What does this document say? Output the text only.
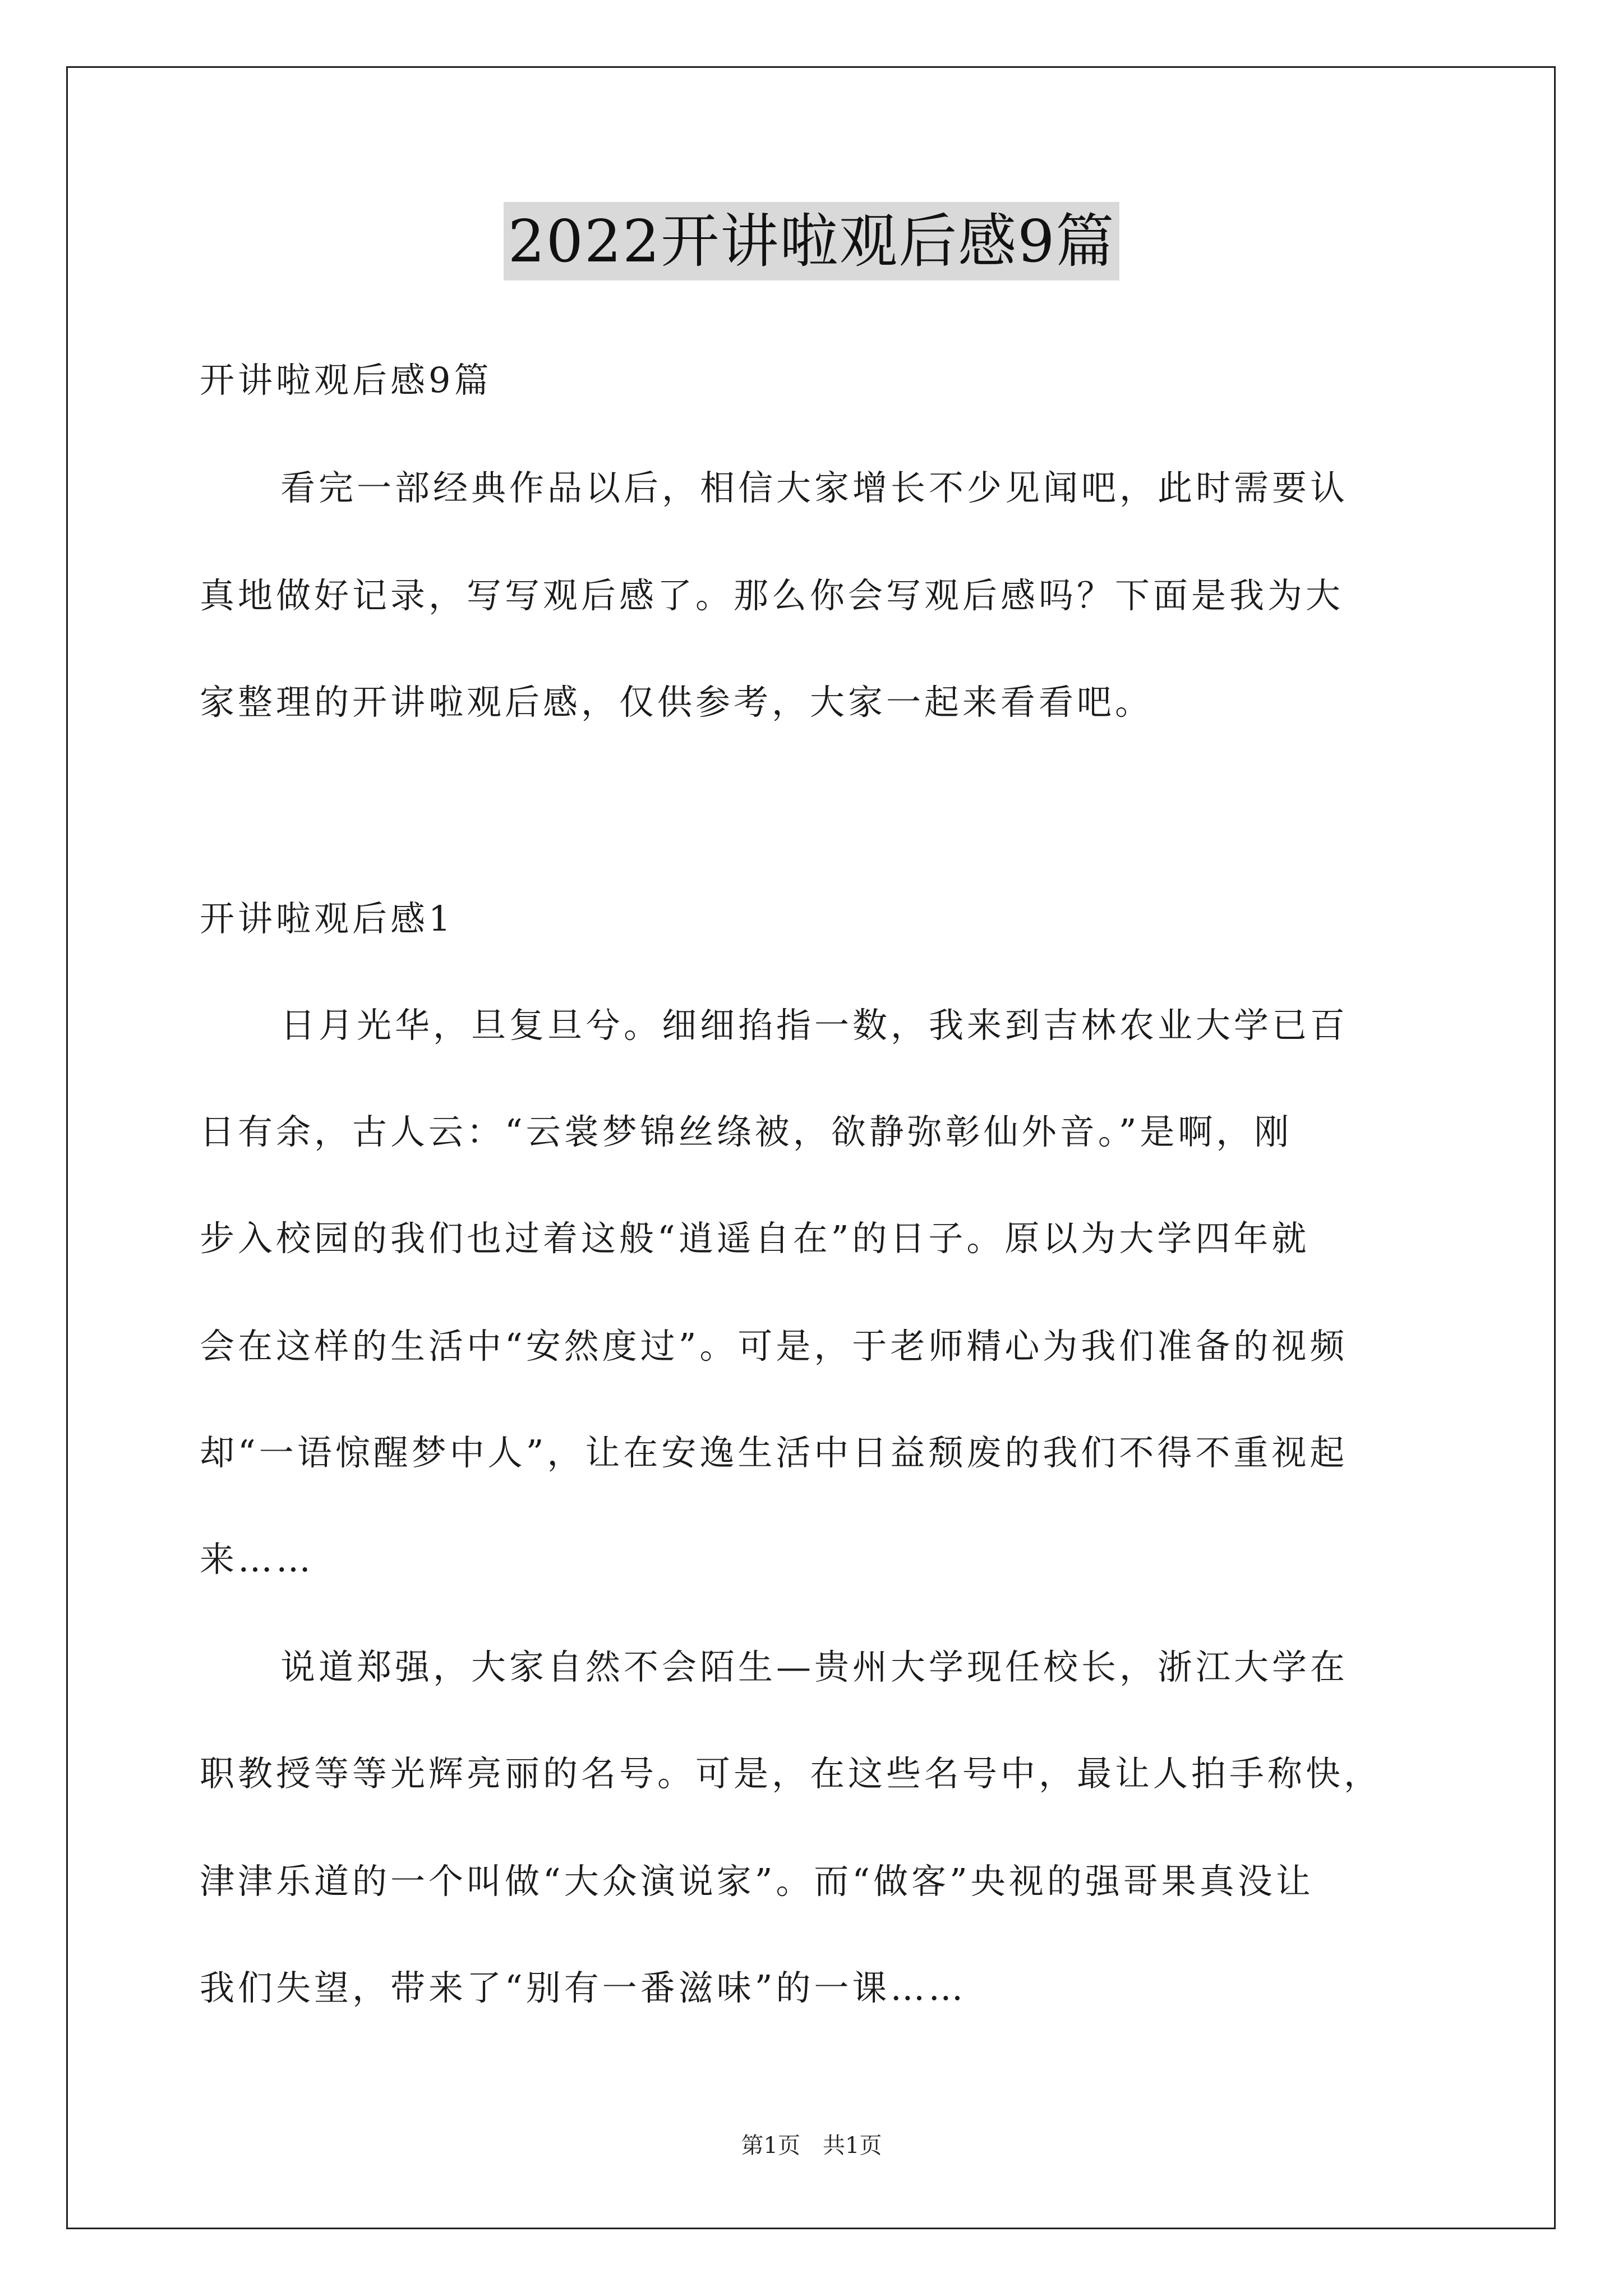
2022开讲啦观后感9篇
开讲啦观后感9篇
看完一部经典作品以后，相信大家增长不少见闻吧，此时需要认
真地做好记录，写写观后感了。那么你会写观后感吗？下面是我为大
家整理的开讲啦观后感，仅供参考，大家一起来看看吧。
开讲啦观后感1
日月光华，旦复旦兮。细细掐指一数，我来到吉林农业大学已百
日有余，古人云：“云裳梦锦丝绦被，欲静弥彰仙外音。”是啊，刚
步入校园的我们也过着这般“逍遥自在”的日子。原以为大学四年就
会在这样的生活中“安然度过”。可是，于老师精心为我们准备的视频
却“一语惊醒梦中人”，让在安逸生活中日益颓废的我们不得不重视起
来……
说道郑强，大家自然不会陌生—贵州大学现任校长，浙江大学在
职教授等等光辉亮丽的名号。可是，在这些名号中，最让人拍手称快，
津津乐道的一个叫做“大众演说家”。而“做客”央视的强哥果真没让
我们失望，带来了“别有一番滋味”的一课……
第1页　共1页
